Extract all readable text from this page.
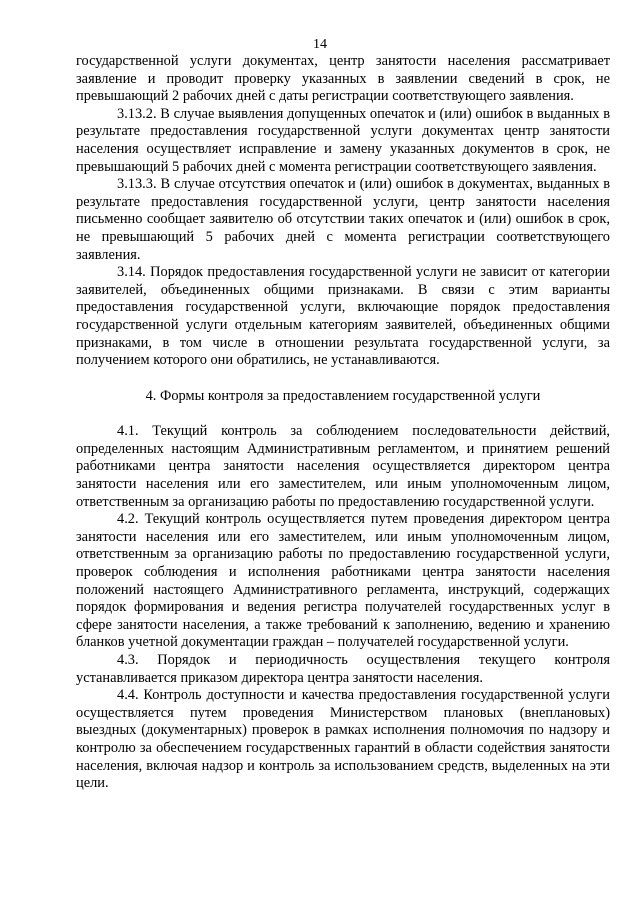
14

государственной услуги документах, центр занятости населения рассматривает заявление и проводит проверку указанных в заявлении сведений в срок, не превышающий 2 рабочих дней с даты регистрации соответствующего заявления.

3.13.2. В случае выявления допущенных опечаток и (или) ошибок в выданных в результате предоставления государственной услуги документах центр занятости населения осуществляет исправление и замену указанных документов в срок, не превышающий 5 рабочих дней с момента регистрации соответствующего заявления.

3.13.3. В случае отсутствия опечаток и (или) ошибок в документах, выданных в результате предоставления государственной услуги, центр занятости населения письменно сообщает заявителю об отсутствии таких опечаток и (или) ошибок в срок, не превышающий 5 рабочих дней с момента регистрации соответствующего заявления.

3.14. Порядок предоставления государственной услуги не зависит от категории заявителей, объединенных общими признаками. В связи с этим варианты предоставления государственной услуги, включающие порядок предоставления государственной услуги отдельным категориям заявителей, объединенных общими признаками, в том числе в отношении результата государственной услуги, за получением которого они обратились, не устанавливаются.

4. Формы контроля за предоставлением государственной услуги

4.1. Текущий контроль за соблюдением последовательности действий, определенных настоящим Административным регламентом, и принятием решений работниками центра занятости населения осуществляется директором центра занятости населения или его заместителем, или иным уполномоченным лицом, ответственным за организацию работы по предоставлению государственной услуги.

4.2. Текущий контроль осуществляется путем проведения директором центра занятости населения или его заместителем, или иным уполномоченным лицом, ответственным за организацию работы по предоставлению государственной услуги, проверок соблюдения и исполнения работниками центра занятости населения положений настоящего Административного регламента, инструкций, содержащих порядок формирования и ведения регистра получателей государственных услуг в сфере занятости населения, а также требований к заполнению, ведению и хранению бланков учетной документации граждан – получателей государственной услуги.

4.3. Порядок и периодичность осуществления текущего контроля устанавливается приказом директора центра занятости населения.

4.4. Контроль доступности и качества предоставления государственной услуги осуществляется путем проведения Министерством плановых (внеплановых) выездных (документарных) проверок в рамках исполнения полномочия по надзору и контролю за обеспечением государственных гарантий в области содействия занятости населения, включая надзор и контроль за использованием средств, выделенных на эти цели.
